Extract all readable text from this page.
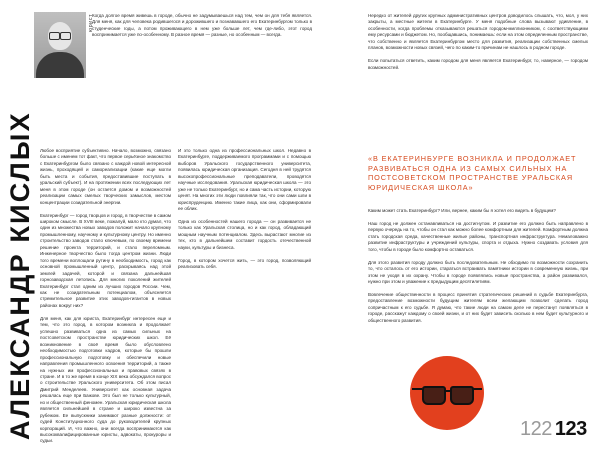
юрист
АЛЕКСАНДР КИСЛЫХ

Когда долгое время живешь в городе, обычно не задумываешься над тем, чем он для тебя является. Для меня, как для человека родившегося и дорожившего и познававшего его Екатеринбургом только в студенческие годы, а потом проживающего в нем уже больше лет, чем где-либо, этот город воспринимается уже по-особенному. В разное время — разные, но особенным — всегда.

Любое восприятие субъективно. Начало, возможно, связано больше с именем тот факт, что первое серьёзное знакомство с Екатеринбургом было связано с каждой новой интересной жизнь, проходящей и самореализации (какие еще могли быть места и события, предоставившие поступать в уральский субъект). И на протяжении всех последующих лет меня в этом городе (он остается домом и возможностей реализации самых смелых творческих замыслов, местом концентрации созидательной энергии.

Екатеринбург — город творцов и город, в творчестве в самом широком смысле. В XVIII веке, пожалуй, мало кто думал, что один из множества новых заводов положит начало крупному промышленному, научному и культурному центру. Но именно строительство заводов стало ключевым, по своему времени решение проекта территорий, и стало переломным. Инженерное творчество было тогда центром жизни. Люди того времени воплощали рутину в необходимость, город как основной промышленный центр, раскрываясь над этой землей задачей, которой и связана дальнейшая горнозаводская летопись. Для многих поколений жителей Екатеринбург стал одним из лучших городов России. Чем, как не созидательным потенциалом, объясняется стремительное развитие этих заводов-гигантов в новых районах вокруг них?

Для меня, как для юриста, Екатеринбург интересен еще и тем, что это город, в котором возникла и продолжает успешно развиваться одна из самых сильных на постсоветском пространстве юридических школ. Её возникновение в своё время было обусловлено необходимостью подготовки кадров, которые бы прошли профессиональную подготовку и обеспечили новые направления промышленного освоения территорий, а также на нужных им профессиональных и правовых связях в стране. И в то же время в конце XIX века обсуждался вопрос о строительстве Уральского университета. Об этом писал Дмитрий Менделеев. Университет как основная задача решалась еще при Бажове. Это был не только культурный, но и общественный феномен. Уральская юридическая школа является сильнейшей в стране и широко известна за рубежом. Ее выпускники занимают разные должности: от судей Конституционного суда до руководителей крупных корпораций. И, что важно, они всегда воспринимаются как высококвалифицированные юристы, адвокаты, прокуроры и судьи.

И это только одна из профессиональных школ. Недавно в Екатеринбурге, поддерживаемого программами и с помощью выборов Уральского государственного университета, появилась юридическая организация. Сегодня в ней трудятся высокопрофессиональные преподаватели, проводятся научные исследования. Уральская юридическая школа — это уже не только Екатеринбург, но и сама часть истории, которую ценят. На многих эти люди повлияли так, что они сами шли в юриспруденцию. Именно такие лица, как они, сформировали ее облик.

Одна из особенностей нашего города — он развивается не только как Уральская столица, но и как город, обладающий мощным научным потенциалом. Здесь вырастают многие из тех, кто в дальнейшем составит гордость отечественной науки, культуры и бизнеса.

Город, в котором хочется жить, — это город, позволяющий реализовать себя.

Нередко от жителей других крупных административных центров доводилось слышать, что, мол, у них закрыты, а местные жители в Екатеринбурге. У меня подобные слова вызывают удивление, в особенности, когда проблемы отказываются решаться городом-миллионником, с соответствующими ему ресурсами и бюджетом. Но, пообщавшись, понимаешь: если на этом определенным пространстве, что собственно и является Екатеринбургом место для развития, реализации собственных смелых планов, возможности новых связей, чего по каким-то причинам не нашлось в родном городе.

Если попытаться ответить, каким городом для меня является Екатеринбург, то, наверное, — городом возможностей.

«В ЕКАТЕРИНБУРГЕ ВОЗНИКЛА И ПРОДОЛЖАЕТ РАЗВИВАТЬСЯ ОДНА ИЗ САМЫХ СИЛЬНЫХ НА ПОСТСОВЕТСКОМ ПРОСТРАНСТВЕ УРАЛЬСКАЯ ЮРИДИЧЕСКАЯ ШКОЛА»

Каким может стать Екатеринбург? Или, вернее, каким бы я хотел его видеть в будущем?

Наш город не должен останавливаться на достигнутом. И развитие его должно быть направлено в первую очередь на то, чтобы он стал как можно более комфортным для жителей. Комфортным должна стать городская среда, качественные жилые районы, транспортная инфраструктура. Немаловажно развитие инфраструктуры и учреждений культуры, спорта и отдыха. Нужно создавать условия для того, чтобы в городе было комфортно оставаться.

Для этого развития городу должно быть последовательным. Не обходимо по возможности сохранить то, что осталось от его истории, стараться встраивать памятники истории в современную жизнь, при этом не уходя в их охрану. Чтобы в городе появлялись новые пространства, а район развивался, нужно при этом и уважение к предыдущим десятилетиям.

Вовлечение общественности в процесс принятия стратегических решений в судьбе Екатеринбурга, предоставление возможности будущим жителям всем желающим позволит сделать город сопричастным к его судьбе. Я думаю, что такие люди на самом деле не перестанут появляться в городе, расскажут каждому о своей жизни, и от них будет зависеть сколько в нем будет культурного и общественного развития.

122 123
